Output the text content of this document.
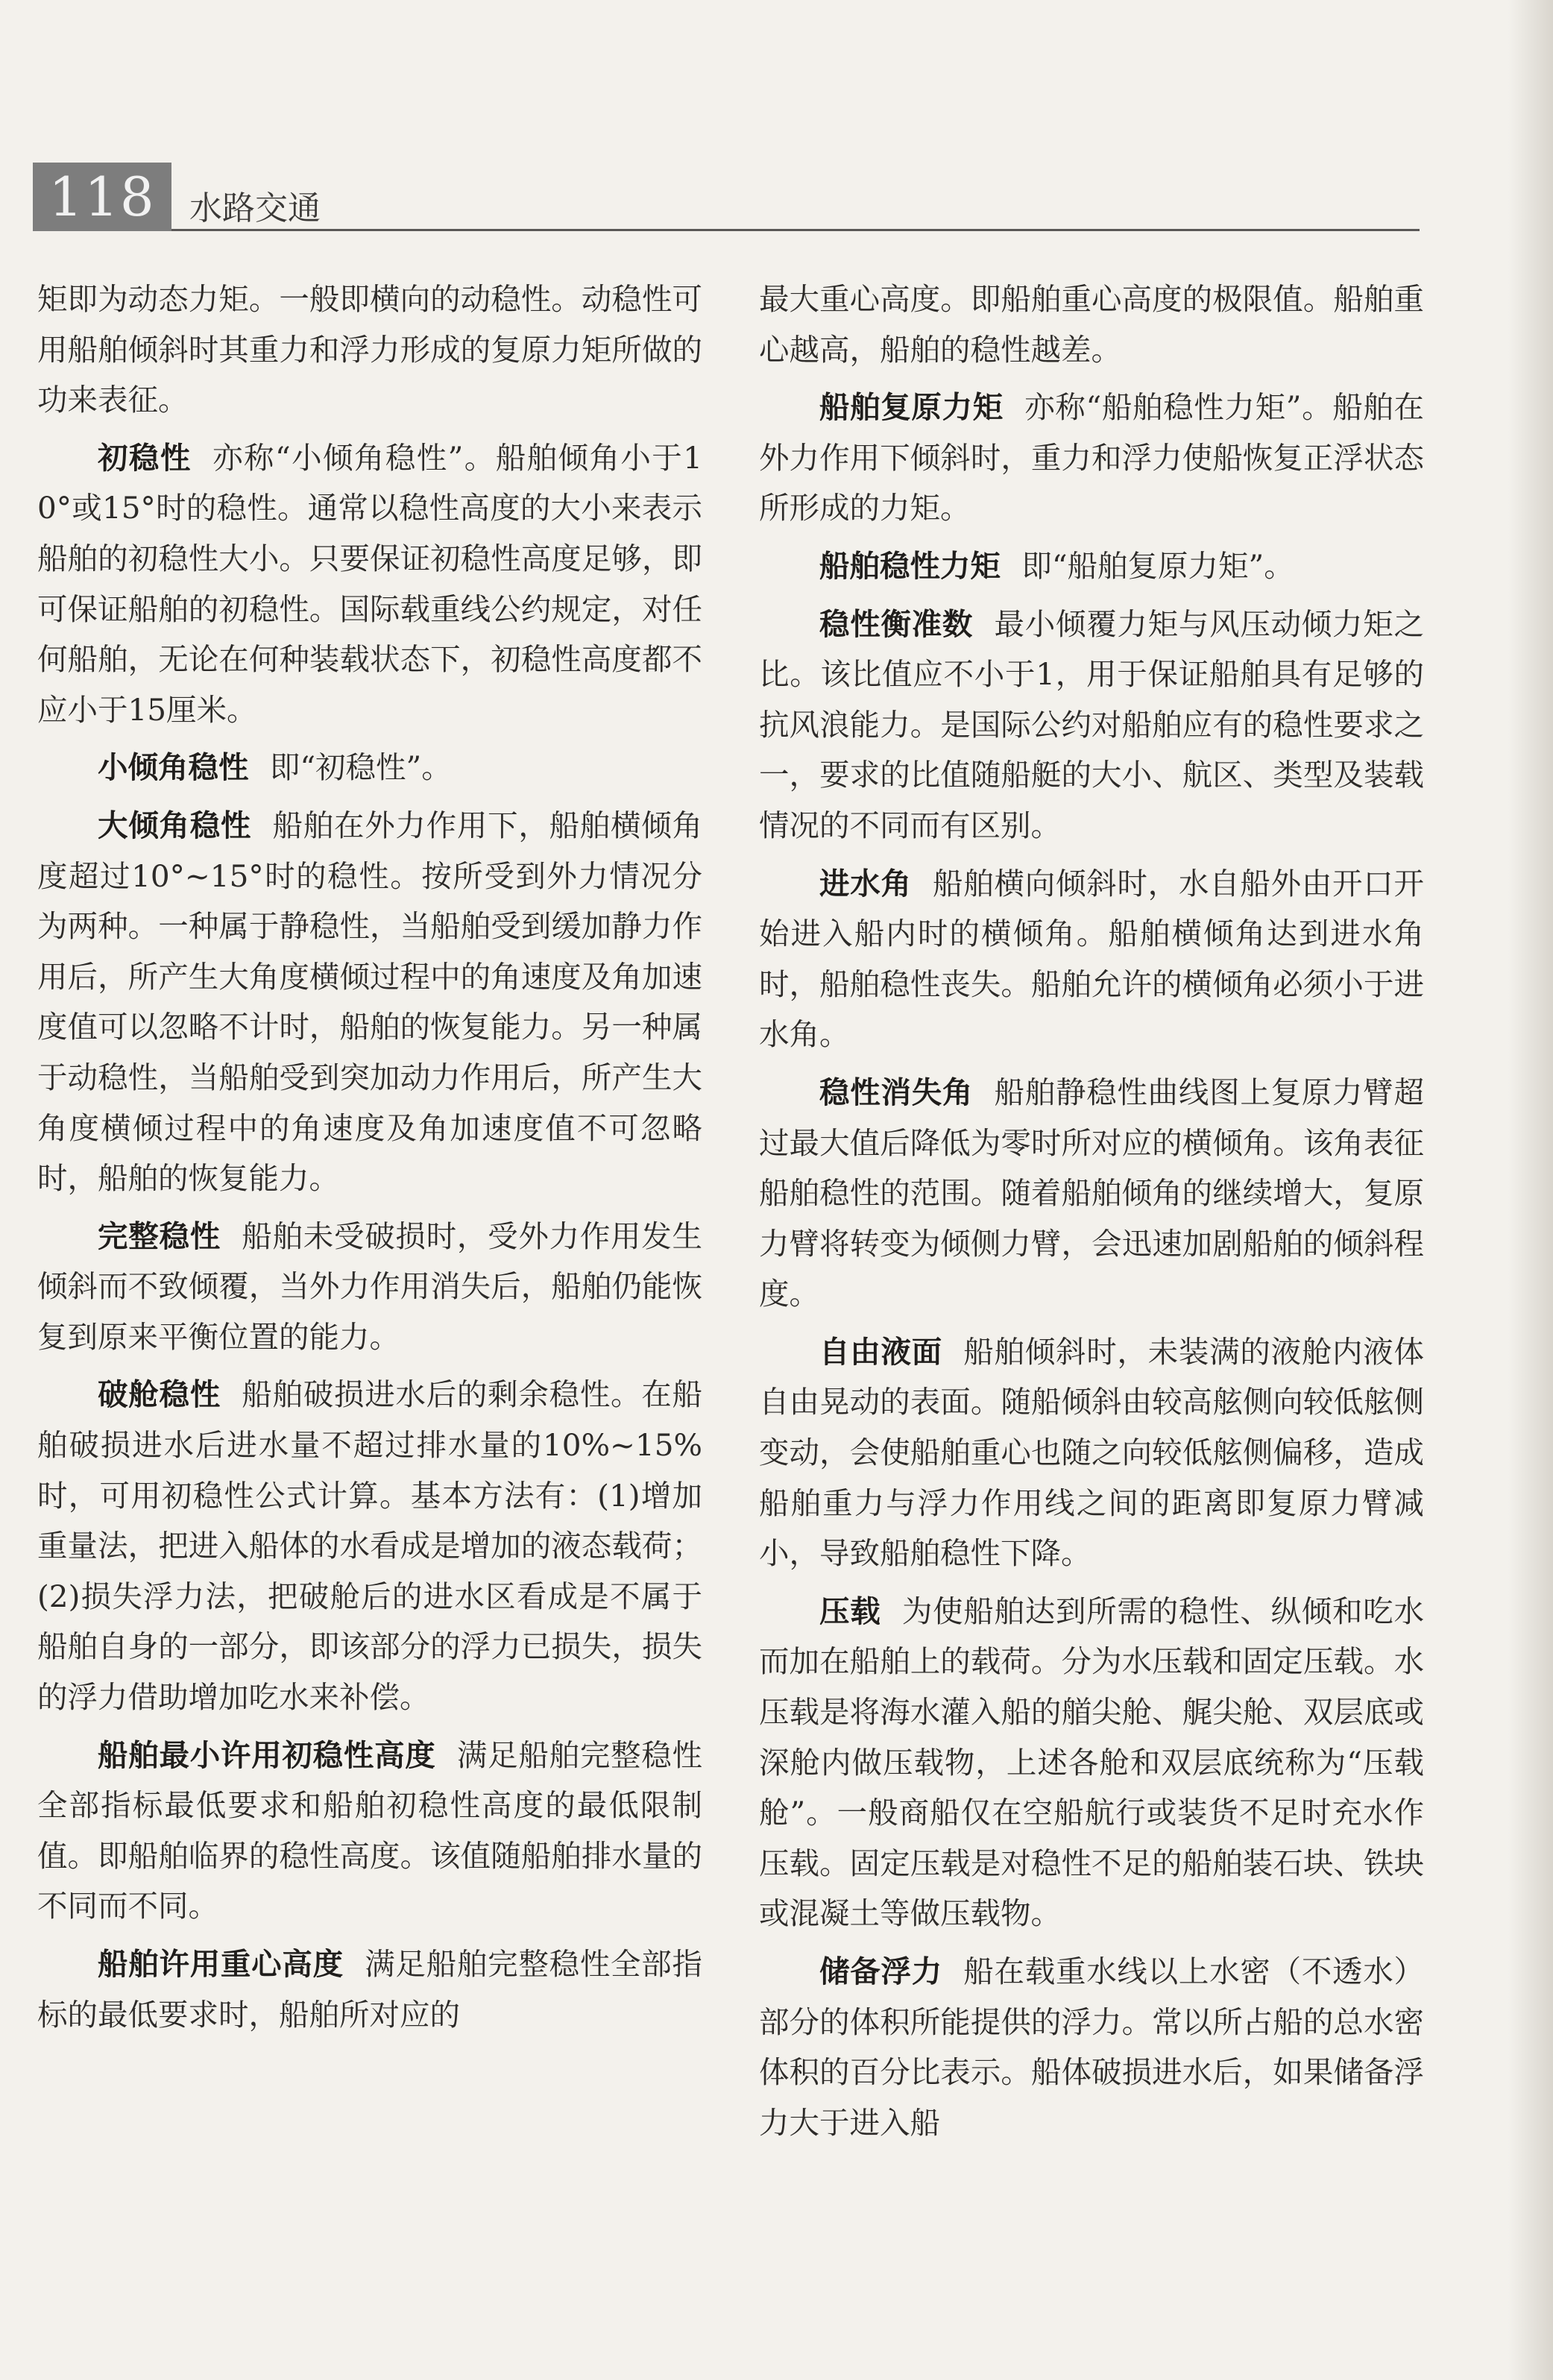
118	水路交通

矩即为动态力矩。一般即横向的动稳性。动稳性可用船舶倾斜时其重力和浮力形成的复原力矩所做的功来表征。

初稳性 亦称“小倾角稳性”。船舶倾角小于10°或15°时的稳性。通常以稳性高度的大小来表示船舶的初稳性大小。只要保证初稳性高度足够，即可保证船舶的初稳性。国际载重线公约规定，对任何船舶，无论在何种装载状态下，初稳性高度都不应小于15厘米。

小倾角稳性 即“初稳性”。

大倾角稳性 船舶在外力作用下，船舶横倾角度超过10°~15°时的稳性。按所受到外力情况分为两种。一种属于静稳性，当船舶受到缓加静力作用后，所产生大角度横倾过程中的角速度及角加速度值可以忽略不计时，船舶的恢复能力。另一种属于动稳性，当船舶受到突加动力作用后，所产生大角度横倾过程中的角速度及角加速度值不可忽略时，船舶的恢复能力。

完整稳性 船舶未受破损时，受外力作用发生倾斜而不致倾覆，当外力作用消失后，船舶仍能恢复到原来平衡位置的能力。

破舱稳性 船舶破损进水后的剩余稳性。在船舶破损进水后进水量不超过排水量的10%~15%时，可用初稳性公式计算。基本方法有：(1)增加重量法，把进入船体的水看成是增加的液态载荷；(2)损失浮力法，把破舱后的进水区看成是不属于船舶自身的一部分，即该部分的浮力已损失，损失的浮力借助增加吃水来补偿。

船舶最小许用初稳性高度 满足船舶完整稳性全部指标最低要求和船舶初稳性高度的最低限制值。即船舶临界的稳性高度。该值随船舶排水量的不同而不同。

船舶许用重心高度 满足船舶完整稳性全部指标的最低要求时，船舶所对应的

最大重心高度。即船舶重心高度的极限值。船舶重心越高，船舶的稳性越差。

船舶复原力矩 亦称“船舶稳性力矩”。船舶在外力作用下倾斜时，重力和浮力使船恢复正浮状态所形成的力矩。

船舶稳性力矩 即“船舶复原力矩”。

稳性衡准数 最小倾覆力矩与风压动倾力矩之比。该比值应不小于1，用于保证船舶具有足够的抗风浪能力。是国际公约对船舶应有的稳性要求之一，要求的比值随船艇的大小、航区、类型及装载情况的不同而有区别。

进水角 船舶横向倾斜时，水自船外由开口开始进入船内时的横倾角。船舶横倾角达到进水角时，船舶稳性丧失。船舶允许的横倾角必须小于进水角。

稳性消失角 船舶静稳性曲线图上复原力臂超过最大值后降低为零时所对应的横倾角。该角表征船舶稳性的范围。随着船舶倾角的继续增大，复原力臂将转变为倾侧力臂，会迅速加剧船舶的倾斜程度。

自由液面 船舶倾斜时，未装满的液舱内液体自由晃动的表面。随船倾斜由较高舷侧向较低舷侧变动，会使船舶重心也随之向较低舷侧偏移，造成船舶重力与浮力作用线之间的距离即复原力臂减小，导致船舶稳性下降。

压载 为使船舶达到所需的稳性、纵倾和吃水而加在船舶上的载荷。分为水压载和固定压载。水压载是将海水灌入船的艏尖舱、艉尖舱、双层底或深舱内做压载物，上述各舱和双层底统称为“压载舱”。一般商船仅在空船航行或装货不足时充水作压载。固定压载是对稳性不足的船舶装石块、铁块或混凝土等做压载物。

储备浮力 船在载重水线以上水密（不透水）部分的体积所能提供的浮力。常以所占船的总水密体积的百分比表示。船体破损进水后，如果储备浮力大于进入船
